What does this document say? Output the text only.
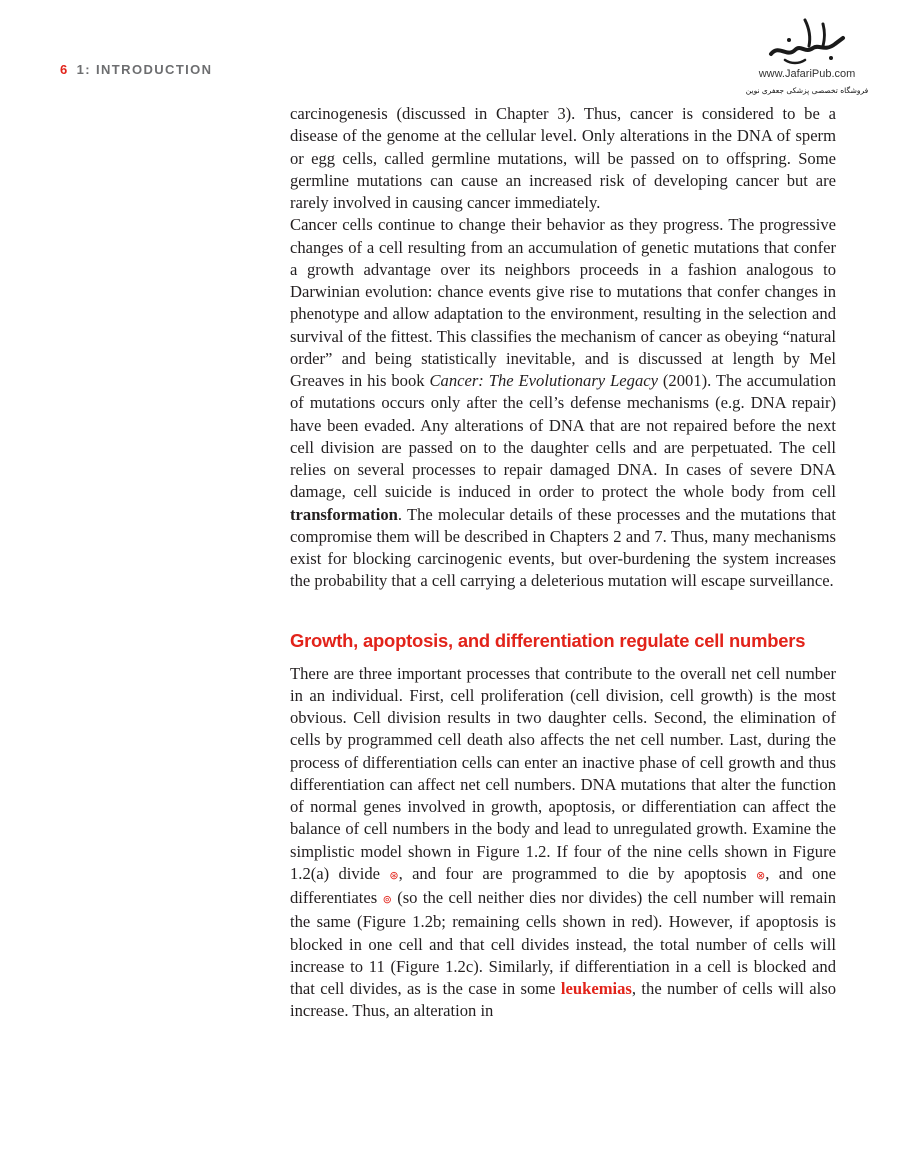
6 1: INTRODUCTION	www.JafariPub.com
فروشگاه تخصصی پزشکی جعفری نوین

carcinogenesis (discussed in Chapter 3). Thus, cancer is considered to be a disease of the genome at the cellular level. Only alterations in the DNA of sperm or egg cells, called germline mutations, will be passed on to offspring. Some germline mutations can cause an increased risk of developing cancer but are rarely involved in causing cancer immediately.

Cancer cells continue to change their behavior as they progress. The progressive changes of a cell resulting from an accumulation of genetic mutations that confer a growth advantage over its neighbors proceeds in a fashion analogous to Darwinian evolution: chance events give rise to mutations that confer changes in phenotype and allow adaptation to the environment, resulting in the selection and survival of the fittest. This classifies the mechanism of cancer as obeying “natural order” and being statistically inevitable, and is discussed at length by Mel Greaves in his book Cancer: The Evolutionary Legacy (2001). The accumulation of mutations occurs only after the cell’s defense mechanisms (e.g. DNA repair) have been evaded. Any alterations of DNA that are not repaired before the next cell division are passed on to the daughter cells and are perpetuated. The cell relies on several processes to repair damaged DNA. In cases of severe DNA damage, cell suicide is induced in order to protect the whole body from cell transformation. The molecular details of these processes and the mutations that compromise them will be described in Chapters 2 and 7. Thus, many mechanisms exist for blocking carcinogenic events, but over-burdening the system increases the probability that a cell carrying a deleterious mutation will escape surveillance.

Growth, apoptosis, and differentiation regulate cell numbers

There are three important processes that contribute to the overall net cell number in an individual. First, cell proliferation (cell division, cell growth) is the most obvious. Cell division results in two daughter cells. Second, the elimination of cells by programmed cell death also affects the net cell number. Last, during the process of differentiation cells can enter an inactive phase of cell growth and thus differentiation can affect net cell numbers. DNA mutations that alter the function of normal genes involved in growth, apoptosis, or differentiation can affect the balance of cell numbers in the body and lead to unregulated growth. Examine the simplistic model shown in Figure 1.2. If four of the nine cells shown in Figure 1.2(a) divide ⊛, and four are programmed to die by apoptosis ⊗, and one differentiates ⊚ (so the cell neither dies nor divides) the cell number will remain the same (Figure 1.2b; remaining cells shown in red). However, if apoptosis is blocked in one cell and that cell divides instead, the total number of cells will increase to 11 (Figure 1.2c). Similarly, if differentiation in a cell is blocked and that cell divides, as is the case in some leukemias, the number of cells will also increase. Thus, an alteration in
